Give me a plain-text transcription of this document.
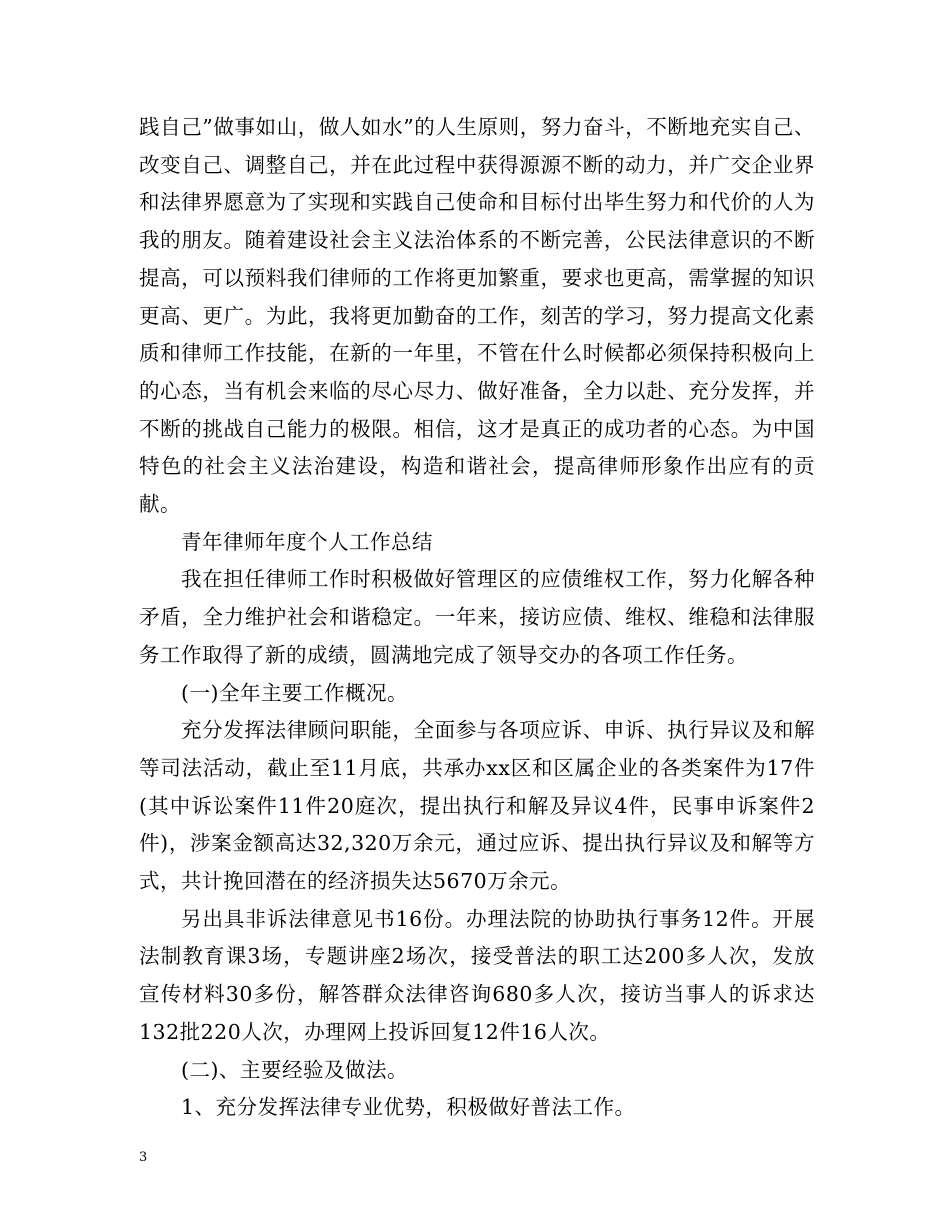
践自己”做事如山，做人如水”的人生原则，努力奋斗，不断地充实自己、改变自己、调整自己，并在此过程中获得源源不断的动力，并广交企业界和法律界愿意为了实现和实践自己使命和目标付出毕生努力和代价的人为我的朋友。随着建设社会主义法治体系的不断完善，公民法律意识的不断提高，可以预料我们律师的工作将更加繁重，要求也更高，需掌握的知识更高、更广。为此，我将更加勤奋的工作，刻苦的学习，努力提高文化素质和律师工作技能，在新的一年里，不管在什么时候都必须保持积极向上的心态，当有机会来临的尽心尽力、做好准备，全力以赴、充分发挥，并不断的挑战自己能力的极限。相信，这才是真正的成功者的心态。为中国特色的社会主义法治建设，构造和谐社会，提高律师形象作出应有的贡献。

青年律师年度个人工作总结

我在担任律师工作时积极做好管理区的应债维权工作，努力化解各种矛盾，全力维护社会和谐稳定。一年来，接访应债、维权、维稳和法律服务工作取得了新的成绩，圆满地完成了领导交办的各项工作任务。

(一)全年主要工作概况。

充分发挥法律顾问职能，全面参与各项应诉、申诉、执行异议及和解等司法活动，截止至11月底，共承办xx区和区属企业的各类案件为17件(其中诉讼案件11件20庭次，提出执行和解及异议4件，民事申诉案件2件)，涉案金额高达32,320万余元，通过应诉、提出执行异议及和解等方式，共计挽回潜在的经济损失达5670万余元。

另出具非诉法律意见书16份。办理法院的协助执行事务12件。开展法制教育课3场，专题讲座2场次，接受普法的职工达200多人次，发放宣传材料30多份，解答群众法律咨询680多人次，接访当事人的诉求达132批220人次，办理网上投诉回复12件16人次。

(二)、主要经验及做法。

1、充分发挥法律专业优势，积极做好普法工作。

3
